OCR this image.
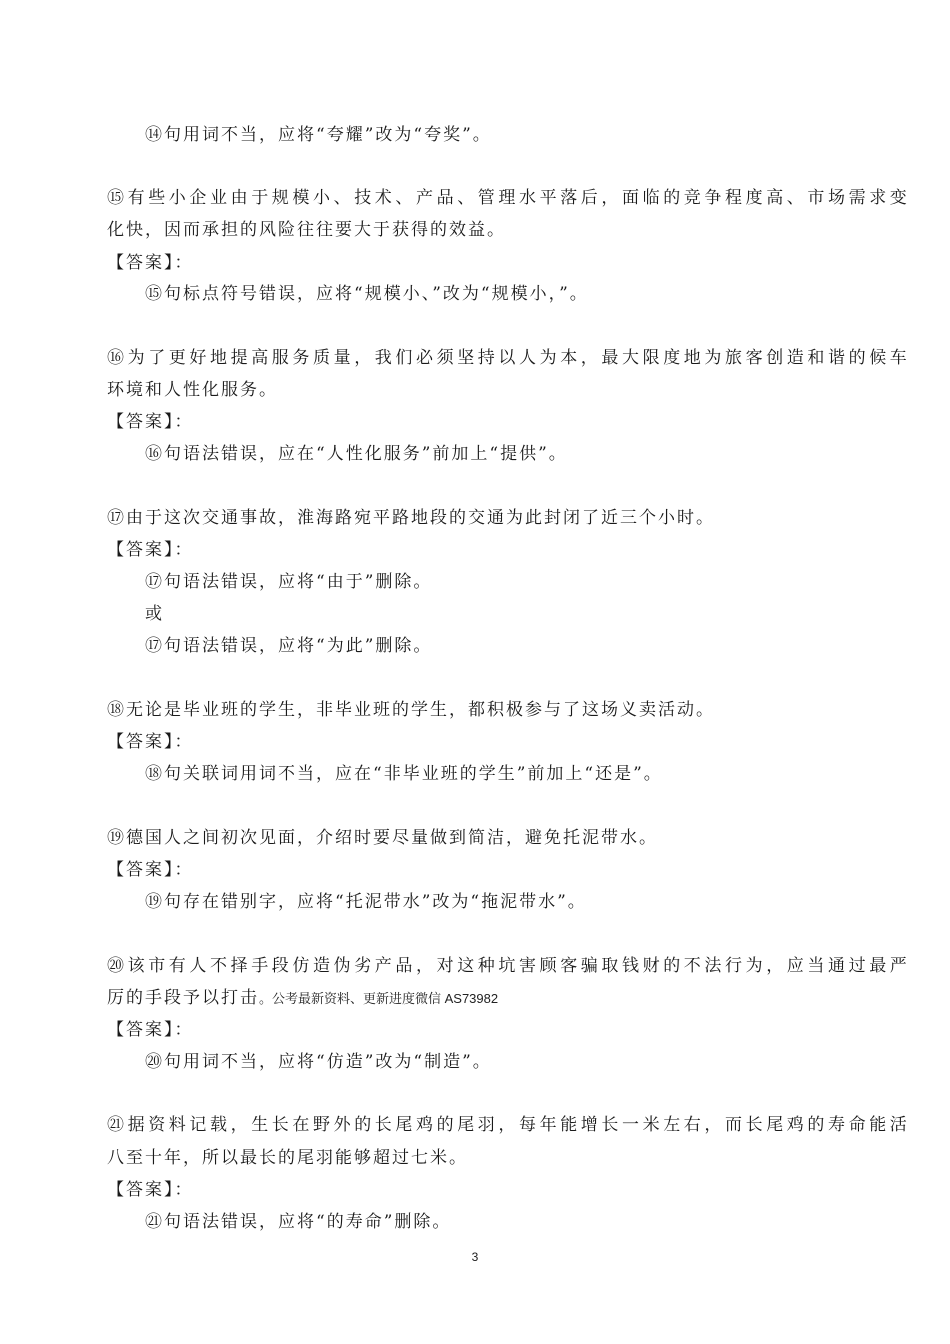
⑭句用词不当，应将“夸耀”改为“夸奖”。
⑮有些小企业由于规模小、技术、产品、管理水平落后，面临的竞争程度高、市场需求变
化快，因而承担的风险往往要大于获得的效益。
【答案】：
⑮句标点符号错误，应将“规模小、”改为“规模小，”。
⑯为了更好地提高服务质量，我们必须坚持以人为本，最大限度地为旅客创造和谐的候车
环境和人性化服务。
【答案】：
⑯句语法错误，应在“人性化服务”前加上“提供”。
⑰由于这次交通事故，淮海路宛平路地段的交通为此封闭了近三个小时。
【答案】：
⑰句语法错误，应将“由于”删除。
或
⑰句语法错误，应将“为此”删除。
⑱无论是毕业班的学生，非毕业班的学生，都积极参与了这场义卖活动。
【答案】：
⑱句关联词用词不当，应在“非毕业班的学生”前加上“还是”。
⑲德国人之间初次见面，介绍时要尽量做到简洁，避免托泥带水。
【答案】：
⑲句存在错别字，应将“托泥带水”改为“拖泥带水”。
⑳该市有人不择手段仿造伪劣产品，对这种坑害顾客骗取钱财的不法行为，应当通过最严
厉的手段予以打击。公考最新资料、更新进度微信 AS73982
【答案】：
⑳句用词不当，应将“仿造”改为“制造”。
㉑据资料记载，生长在野外的长尾鸡的尾羽，每年能增长一米左右，而长尾鸡的寿命能活
八至十年，所以最长的尾羽能够超过七米。
【答案】：
㉑句语法错误，应将“的寿命”删除。
3
